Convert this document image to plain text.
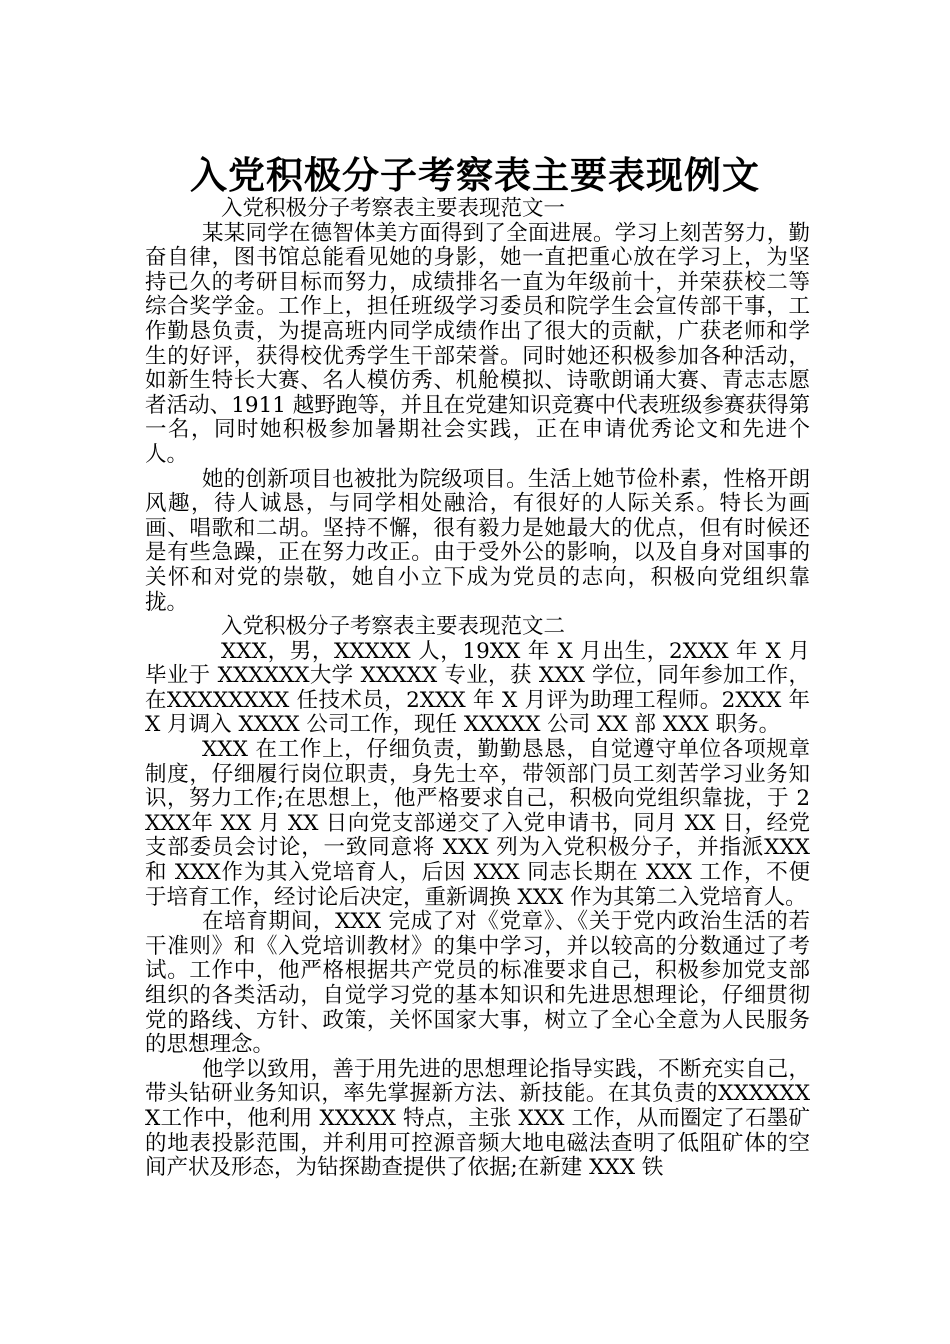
入党积极分子考察表主要表现例文

入党积极分子考察表主要表现范文一

某某同学在德智体美方面得到了全面进展。学习上刻苦努力，勤奋自律，图书馆总能看见她的身影，她一直把重心放在学习上，为坚持已久的考研目标而努力，成绩排名一直为年级前十，并荣获校二等综合奖学金。工作上，担任班级学习委员和院学生会宣传部干事，工作勤恳负责，为提高班内同学成绩作出了很大的贡献，广获老师和学生的好评，获得校优秀学生干部荣誉。同时她还积极参加各种活动，如新生特长大赛、名人模仿秀、机舱模拟、诗歌朗诵大赛、青志志愿者活动、1911 越野跑等，并且在党建知识竞赛中代表班级参赛获得第一名，同时她积极参加暑期社会实践，正在申请优秀论文和先进个人。

她的创新项目也被批为院级项目。生活上她节俭朴素，性格开朗风趣，待人诚恳，与同学相处融洽，有很好的人际关系。特长为画画、唱歌和二胡。坚持不懈，很有毅力是她最大的优点，但有时候还是有些急躁，正在努力改正。由于受外公的影响，以及自身对国事的关怀和对党的崇敬，她自小立下成为党员的志向，积极向党组织靠拢。

入党积极分子考察表主要表现范文二

XXX，男，XXXXX 人，19XX 年 X 月出生，2XXX 年 X 月毕业于 XXXXXX大学 XXXXX 专业，获 XXX 学位，同年参加工作，在XXXXXXXX 任技术员，2XXX 年 X 月评为助理工程师。2XXX 年 X 月调入 XXXX 公司工作，现任 XXXXX 公司 XX 部 XXX 职务。

XXX 在工作上，仔细负责，勤勤恳恳，自觉遵守单位各项规章制度，仔细履行岗位职责，身先士卒，带领部门员工刻苦学习业务知识，努力工作;在思想上，他严格要求自己，积极向党组织靠拢，于 2XXX年 XX 月 XX 日向党支部递交了入党申请书，同月 XX 日，经党支部委员会讨论，一致同意将 XXX 列为入党积极分子，并指派XXX 和 XXX作为其入党培育人，后因 XXX 同志长期在 XXX 工作，不便于培育工作，经讨论后决定，重新调换 XXX 作为其第二入党培育人。

在培育期间，XXX 完成了对《党章》、《关于党内政治生活的若干准则》和《入党培训教材》的集中学习，并以较高的分数通过了考试。工作中，他严格根据共产党员的标准要求自己，积极参加党支部组织的各类活动，自觉学习党的基本知识和先进思想理论，仔细贯彻党的路线、方针、政策，关怀国家大事，树立了全心全意为人民服务的思想理念。

他学以致用，善于用先进的思想理论指导实践，不断充实自己，带头钻研业务知识，率先掌握新方法、新技能。在其负责的XXXXXXX工作中，他利用 XXXXX 特点，主张 XXX 工作，从而圈定了石墨矿的地表投影范围，并利用可控源音频大地电磁法查明了低阻矿体的空间产状及形态，为钻探勘查提供了依据;在新建 XXX 铁
